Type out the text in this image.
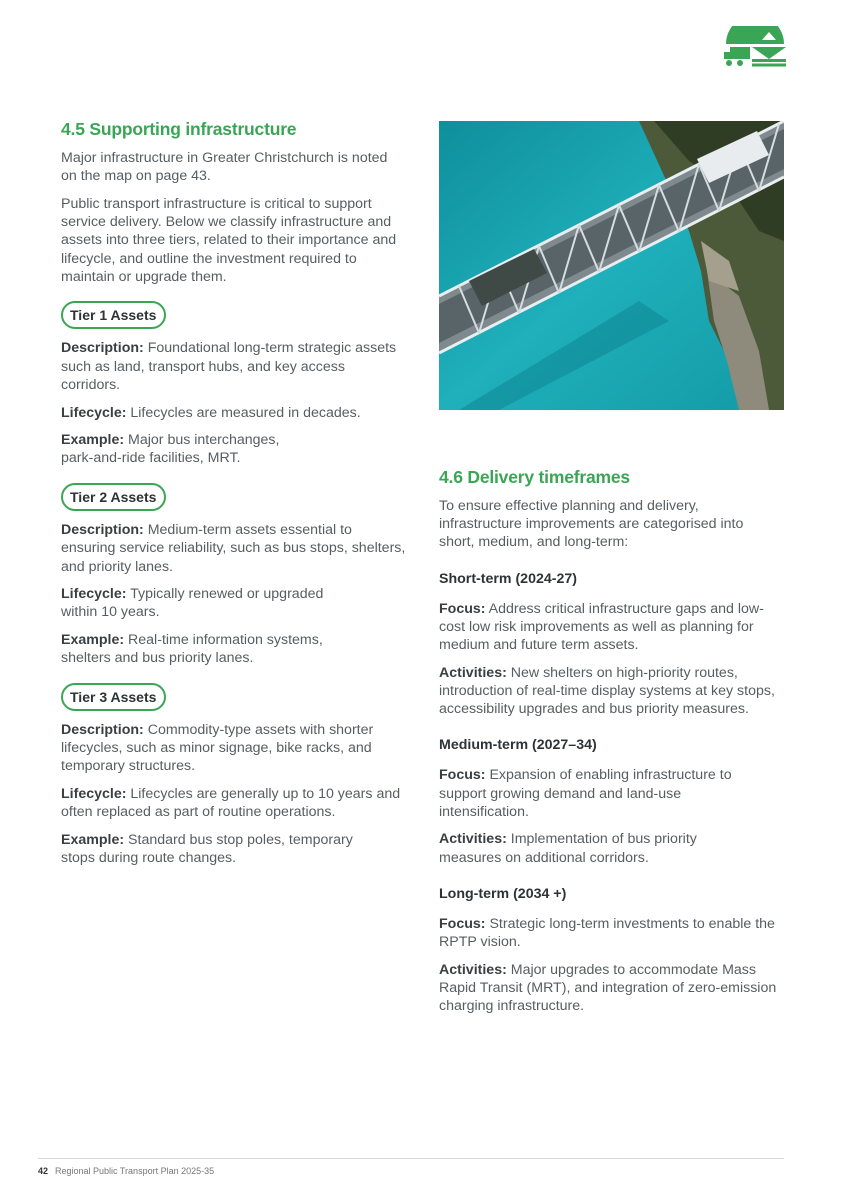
4.5 Supporting infrastructure

Major infrastructure in Greater Christchurch is noted on the map on page 43.

Public transport infrastructure is critical to support service delivery. Below we classify infrastructure and assets into three tiers, related to their importance and lifecycle, and outline the investment required to maintain or upgrade them.

Tier 1 Assets

Description: Foundational long-term strategic assets such as land, transport hubs, and key access corridors.

Lifecycle: Lifecycles are measured in decades.

Example: Major bus interchanges, park-and-ride facilities, MRT.

Tier 2 Assets

Description: Medium-term assets essential to ensuring service reliability, such as bus stops, shelters, and priority lanes.

Lifecycle: Typically renewed or upgraded within 10 years.

Example: Real-time information systems, shelters and bus priority lanes.

Tier 3 Assets

Description: Commodity-type assets with shorter lifecycles, such as minor signage, bike racks, and temporary structures.

Lifecycle: Lifecycles are generally up to 10 years and often replaced as part of routine operations.

Example: Standard bus stop poles, temporary stops during route changes.

4.6 Delivery timeframes

To ensure effective planning and delivery, infrastructure improvements are categorised into short, medium, and long-term:

Short-term (2024-27)

Focus: Address critical infrastructure gaps and low-cost low risk improvements as well as planning for medium and future term assets.

Activities: New shelters on high-priority routes, introduction of real-time display systems at key stops, accessibility upgrades and bus priority measures.

Medium-term (2027–34)

Focus: Expansion of enabling infrastructure to support growing demand and land-use intensification.

Activities: Implementation of bus priority measures on additional corridors.

Long-term (2034 +)

Focus: Strategic long-term investments to enable the RPTP vision.

Activities: Major upgrades to accommodate Mass Rapid Transit (MRT), and integration of zero-emission charging infrastructure.

42 Regional Public Transport Plan 2025-35
